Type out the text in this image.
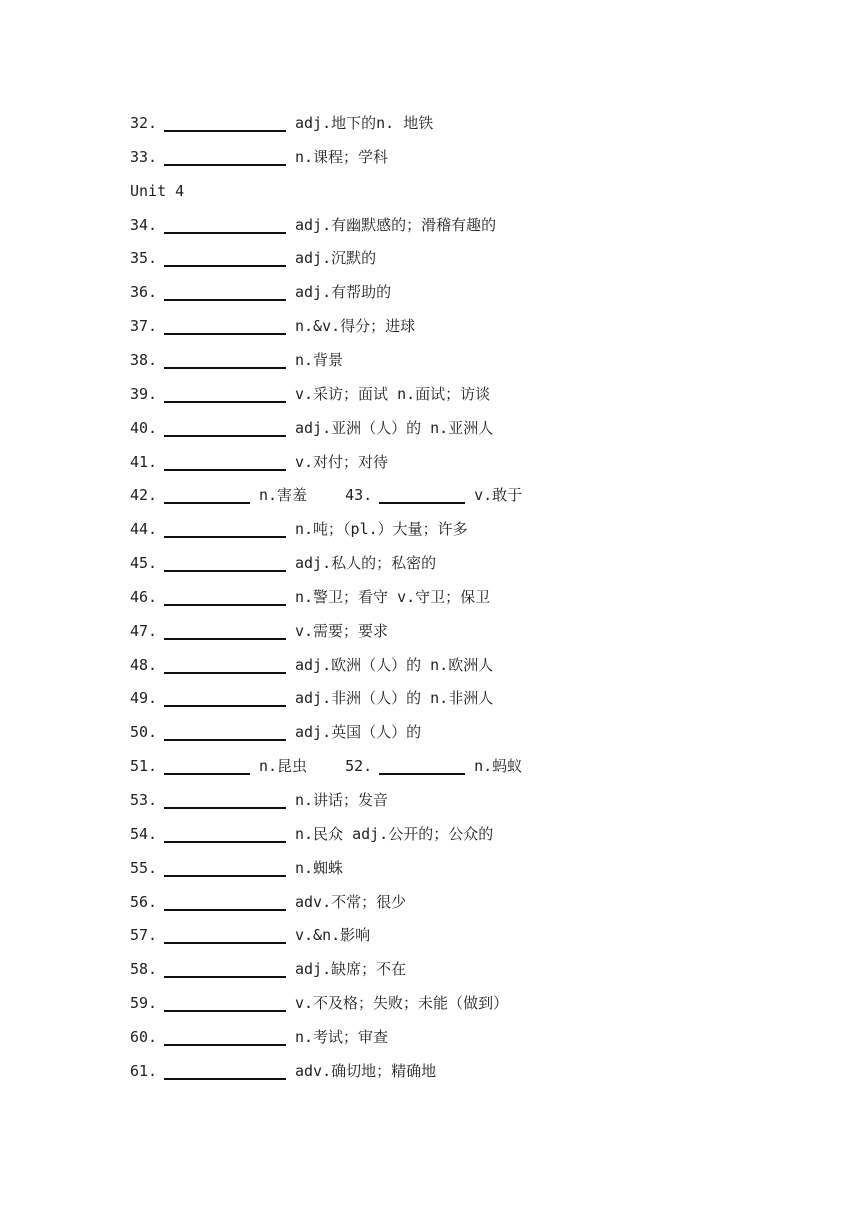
32.	adj.地下的n. 地铁
33.	n.课程；学科
Unit 4
34.	adj.有幽默感的；滑稽有趣的
35.	adj.沉默的
36.	adj.有帮助的
37.	n.&v.得分；进球
38.	n.背景
39.	v.采访；面试 n.面试；访谈
40.	adj.亚洲（人）的 n.亚洲人
41.	v.对付；对待
42.	n.害羞	43.	v.敢于
44.	n.吨；（pl.）大量；许多
45.	adj.私人的；私密的
46.	n.警卫；看守 v.守卫；保卫
47.	v.需要；要求
48.	adj.欧洲（人）的 n.欧洲人
49.	adj.非洲（人）的 n.非洲人
50.	adj.英国（人）的
51.	n.昆虫	52.	n.蚂蚁
53.	n.讲话；发音
54.	n.民众 adj.公开的；公众的
55.	n.蜘蛛
56.	adv.不常；很少
57.	v.&n.影响
58.	adj.缺席；不在
59.	v.不及格；失败；未能（做到）
60.	n.考试；审查
61.	adv.确切地；精确地
